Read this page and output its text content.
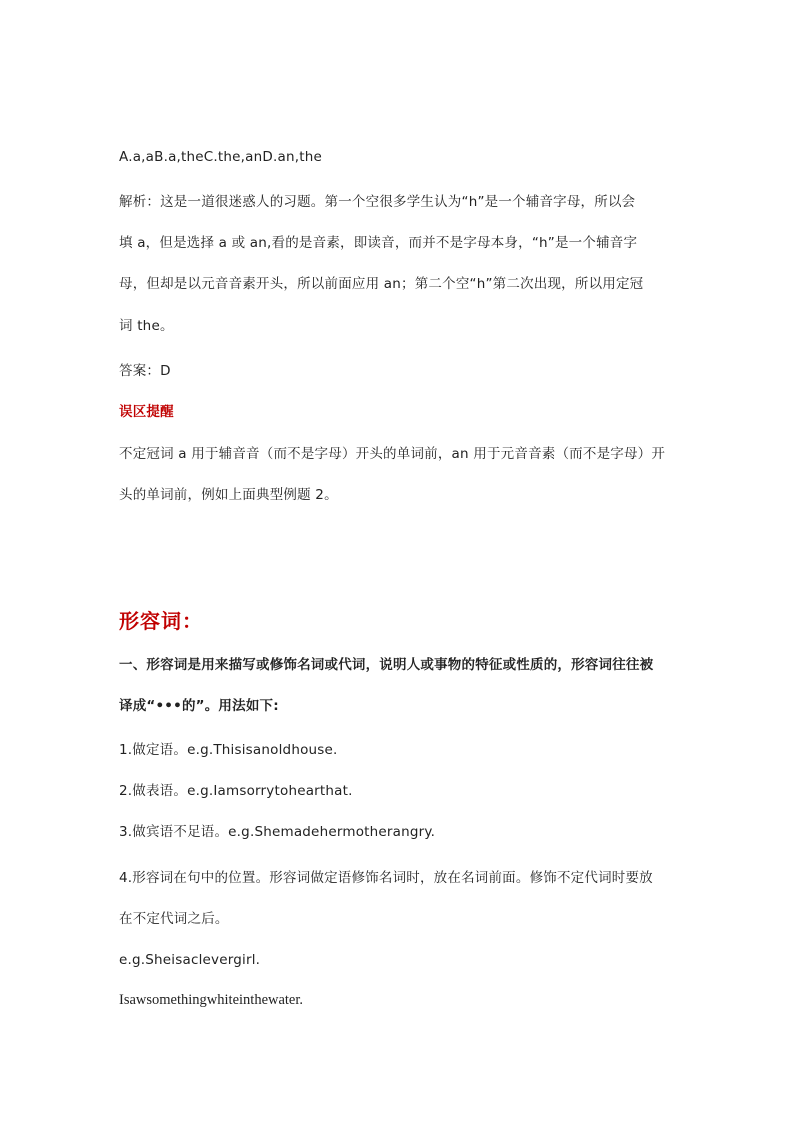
A.a,aB.a,theC.the,anD.an,the
解析：这是一道很迷惑人的习题。第一个空很多学生认为“h”是一个辅音字母，所以会
填 a，但是选择 a 或 an,看的是音素，即读音，而并不是字母本身，“h”是一个辅音字
母，但却是以元音音素开头，所以前面应用 an；第二个空“h”第二次出现，所以用定冠
词 the。
答案：D
误区提醒
不定冠词 a 用于辅音音（而不是字母）开头的单词前，an 用于元音音素（而不是字母）开
头的单词前，例如上面典型例题 2。
形容词：
一、形容词是用来描写或修饰名词或代词，说明人或事物的特征或性质的，形容词往往被
译成“•••的”。用法如下:
1.做定语。e.g.Thisisanoldhouse.
2.做表语。e.g.Iamsorrytohearthat.
3.做宾语不足语。e.g.Shemadehermotherangry.
4.形容词在句中的位置。形容词做定语修饰名词时，放在名词前面。修饰不定代词时要放
在不定代词之后。
e.g.Sheisaclevergirl.
Isawsomethingwhiteinthewater.
